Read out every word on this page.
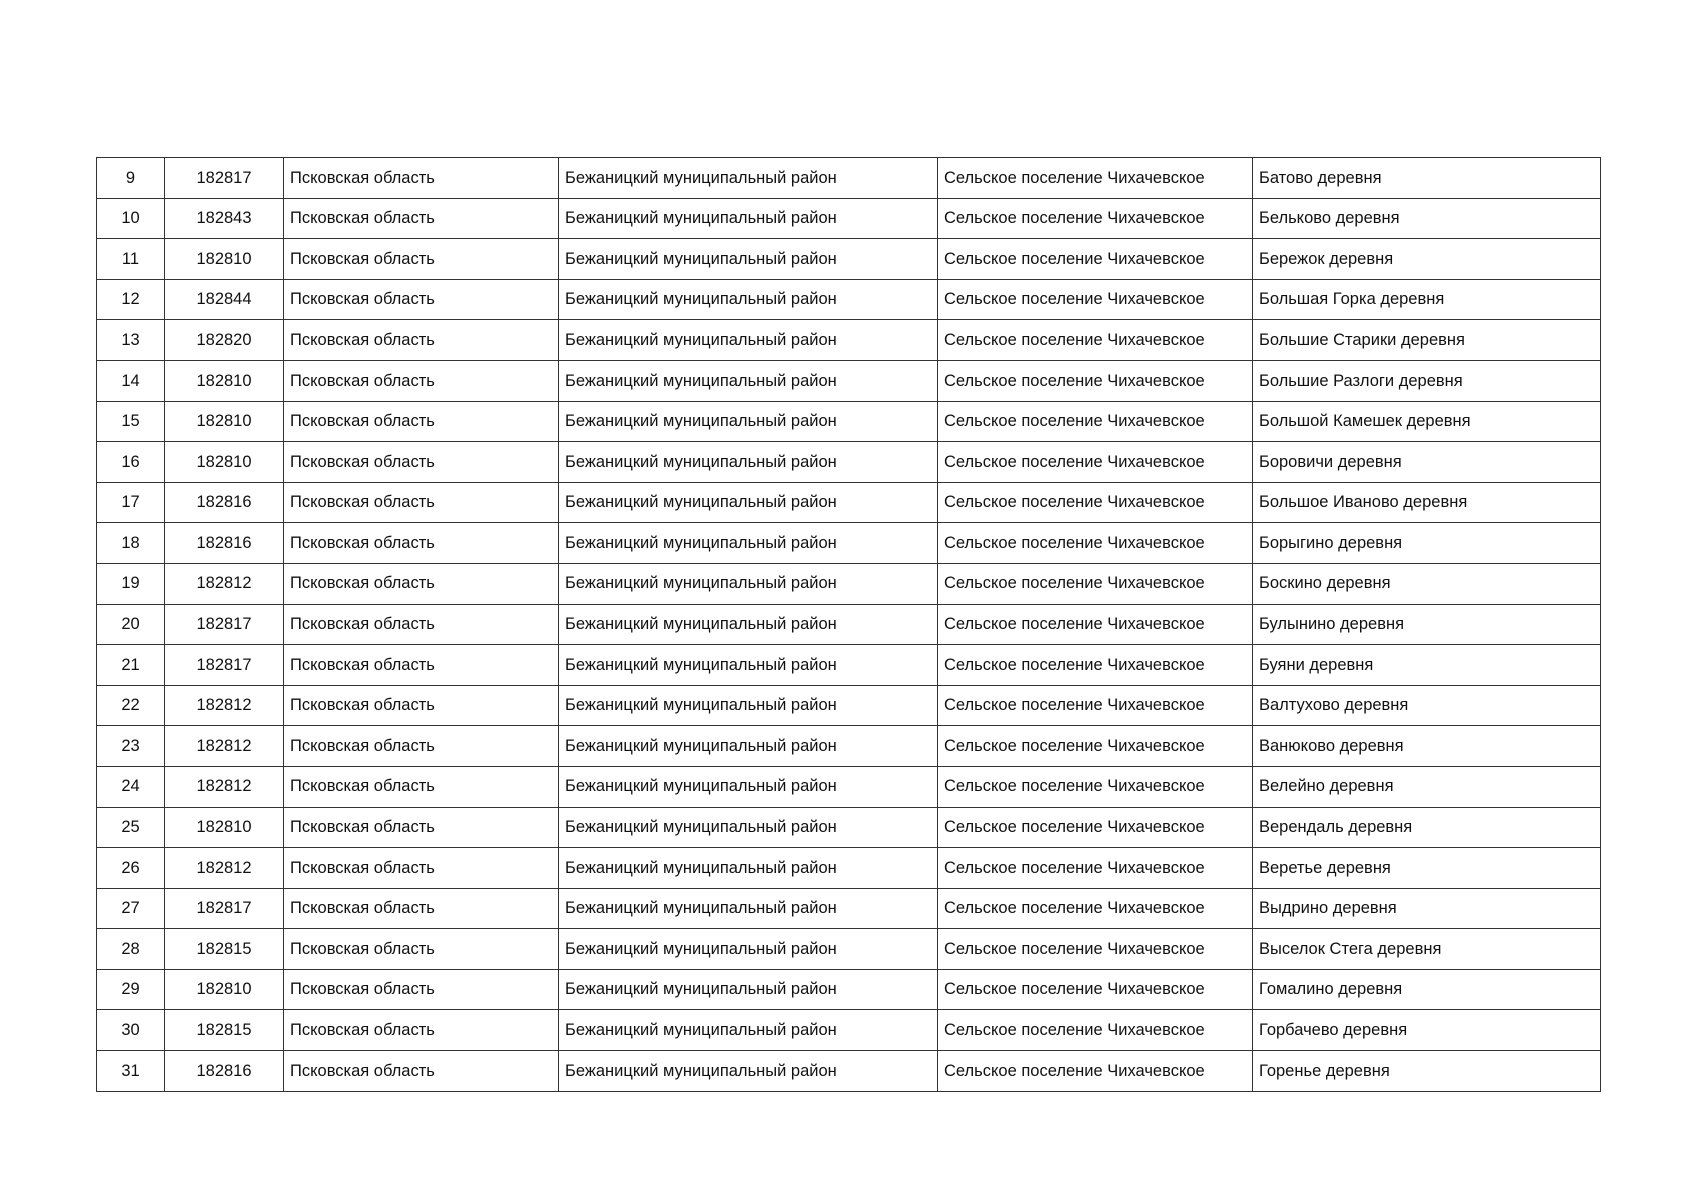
9	182817	Псковская область	Бежаницкий муниципальный район	Сельское поселение Чихачевское	Батово деревня
10	182843	Псковская область	Бежаницкий муниципальный район	Сельское поселение Чихачевское	Бельково деревня
11	182810	Псковская область	Бежаницкий муниципальный район	Сельское поселение Чихачевское	Бережок деревня
12	182844	Псковская область	Бежаницкий муниципальный район	Сельское поселение Чихачевское	Большая Горка деревня
13	182820	Псковская область	Бежаницкий муниципальный район	Сельское поселение Чихачевское	Большие Старики деревня
14	182810	Псковская область	Бежаницкий муниципальный район	Сельское поселение Чихачевское	Большие Разлоги деревня
15	182810	Псковская область	Бежаницкий муниципальный район	Сельское поселение Чихачевское	Большой Камешек деревня
16	182810	Псковская область	Бежаницкий муниципальный район	Сельское поселение Чихачевское	Боровичи деревня
17	182816	Псковская область	Бежаницкий муниципальный район	Сельское поселение Чихачевское	Большое Иваново деревня
18	182816	Псковская область	Бежаницкий муниципальный район	Сельское поселение Чихачевское	Борыгино деревня
19	182812	Псковская область	Бежаницкий муниципальный район	Сельское поселение Чихачевское	Боскино деревня
20	182817	Псковская область	Бежаницкий муниципальный район	Сельское поселение Чихачевское	Булынино деревня
21	182817	Псковская область	Бежаницкий муниципальный район	Сельское поселение Чихачевское	Буяни деревня
22	182812	Псковская область	Бежаницкий муниципальный район	Сельское поселение Чихачевское	Валтухово деревня
23	182812	Псковская область	Бежаницкий муниципальный район	Сельское поселение Чихачевское	Ванюково деревня
24	182812	Псковская область	Бежаницкий муниципальный район	Сельское поселение Чихачевское	Велейно деревня
25	182810	Псковская область	Бежаницкий муниципальный район	Сельское поселение Чихачевское	Верендаль деревня
26	182812	Псковская область	Бежаницкий муниципальный район	Сельское поселение Чихачевское	Веретье деревня
27	182817	Псковская область	Бежаницкий муниципальный район	Сельское поселение Чихачевское	Выдрино деревня
28	182815	Псковская область	Бежаницкий муниципальный район	Сельское поселение Чихачевское	Выселок Стега деревня
29	182810	Псковская область	Бежаницкий муниципальный район	Сельское поселение Чихачевское	Гомалино деревня
30	182815	Псковская область	Бежаницкий муниципальный район	Сельское поселение Чихачевское	Горбачево деревня
31	182816	Псковская область	Бежаницкий муниципальный район	Сельское поселение Чихачевское	Горенье деревня
